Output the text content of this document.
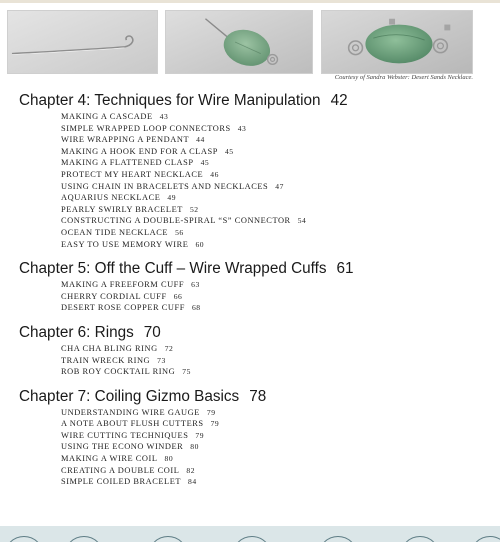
Courtesy of Sandra Webster: Desert Sands Necklace.
Chapter 4: Techniques for Wire Manipulation 42
MAKING A CASCADE 43
SIMPLE WRAPPED LOOP CONNECTORS 43
WIRE WRAPPING A PENDANT 44
MAKING A HOOK END FOR A CLASP 45
MAKING A FLATTENED CLASP 45
PROTECT MY HEART NECKLACE 46
USING CHAIN IN BRACELETS AND NECKLACES 47
AQUARIUS NECKLACE 49
PEARLY SWIRLY BRACELET 52
CONSTRUCTING A DOUBLE-SPIRAL “S” CONNECTOR 54
OCEAN TIDE NECKLACE 56
EASY TO USE MEMORY WIRE 60
Chapter 5: Off the Cuff – Wire Wrapped Cuffs 61
MAKING A FREEFORM CUFF 63
CHERRY CORDIAL CUFF 66
DESERT ROSE COPPER CUFF 68
Chapter 6: Rings 70
CHA CHA BLING RING 72
TRAIN WRECK RING 73
ROB ROY COCKTAIL RING 75
Chapter 7: Coiling Gizmo Basics 78
UNDERSTANDING WIRE GAUGE 79
A NOTE ABOUT FLUSH CUTTERS 79
WIRE CUTTING TECHNIQUES 79
USING THE ECONO WINDER 80
MAKING A WIRE COIL 80
CREATING A DOUBLE COIL 82
SIMPLE COILED BRACELET 84
